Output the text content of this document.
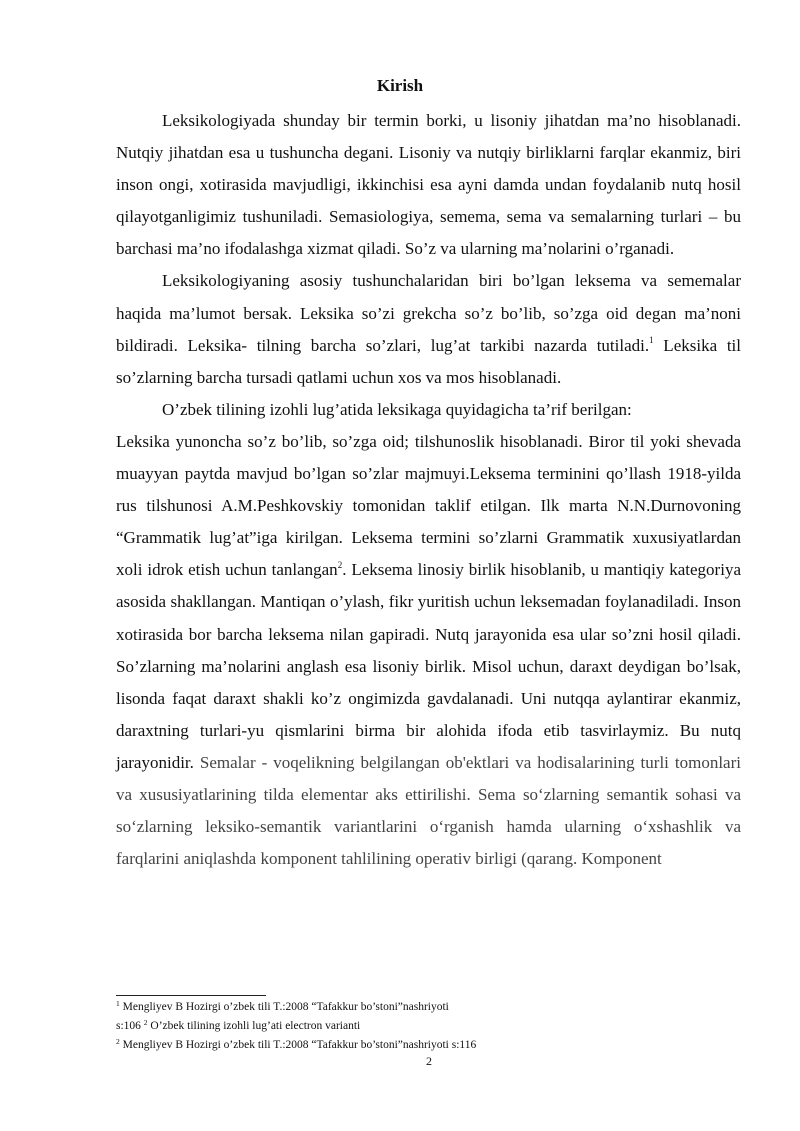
Kirish

Leksikologiyada shunday bir termin borki, u lisoniy jihatdan ma’no hisoblanadi. Nutqiy jihatdan esa u tushuncha degani. Lisoniy va nutqiy birliklarni farqlar ekanmiz, biri inson ongi, xotirasida mavjudligi, ikkinchisi esa ayni damda undan foydalanib nutq hosil qilayotganligimiz tushuniladi. Semasiologiya, semema, sema va semalarning turlari – bu barchasi ma’no ifodalashga xizmat qiladi. So’z va ularning ma’nolarini o’rganadi.

Leksikologiyaning asosiy tushunchalaridan biri bo’lgan leksema va sememalar haqida ma’lumot bersak. Leksika so’zi grekcha so’z bo’lib, so’zga oid degan ma’noni bildiradi. Leksika- tilning barcha so’zlari, lug’at tarkibi nazarda tutiladi.$^1$ Leksika til so’zlarning barcha tursadi qatlami uchun xos va mos hisoblanadi.

O’zbek tilining izohli lug’atida leksikaga quyidagicha ta’rif berilgan:

Leksika yunoncha so’z bo’lib, so’zga oid; tilshunoslik hisoblanadi. Biror til yoki shevada muayyan paytda mavjud bo’lgan so’zlar majmuyi.Leksema terminini qo’llash 1918-yilda rus tilshunosi A.M.Peshkovskiy tomonidan taklif etilgan. Ilk marta N.N.Durnovoning “Grammatik lug’at”iga kirilgan. Leksema termini so’zlarni Grammatik xuxusiyatlardan xoli idrok etish uchun tanlangan$^2$. Leksema linosiy birlik hisoblanib, u mantiqiy kategoriya asosida shakllangan. Mantiqan o’ylash, fikr yuritish uchun leksemadan foylanadiladi. Inson xotirasida bor barcha leksema nilan gapiradi. Nutq jarayonida esa ular so’zni hosil qiladi. So’zlarning ma’nolarini anglash esa lisoniy birlik. Misol uchun, daraxt deydigan bo’lsak, lisonda faqat daraxt shakli ko’z ongimizda gavdalanadi. Uni nutqqa aylantirar ekanmiz, daraxtning turlari-yu qismlarini birma bir alohida ifoda etib tasvirlaymiz. Bu nutq jarayonidir. Semalar - voqelikning belgilangan ob'ektlari va hodisalarining turli tomonlari va xususiyatlarining tilda elementar aks ettirilishi. Sema so‘zlarning semantik sohasi va so‘zlarning leksiko-semantik variantlarini o‘rganish hamda ularning o‘xshashlik va farqlarini aniqlashda komponent tahlilining operativ birligi (qarang. Komponent

$^1$ Mengliyev B Hozirgi o’zbek tili T.:2008 “Tafakkur bo’stoni”nashriyoti
s:106 $^2$ O’zbek tilining izohli lug’ati electron varianti
$^2$ Mengliyev B Hozirgi o’zbek tili T.:2008 “Tafakkur bo’stoni”nashriyoti s:116
2
